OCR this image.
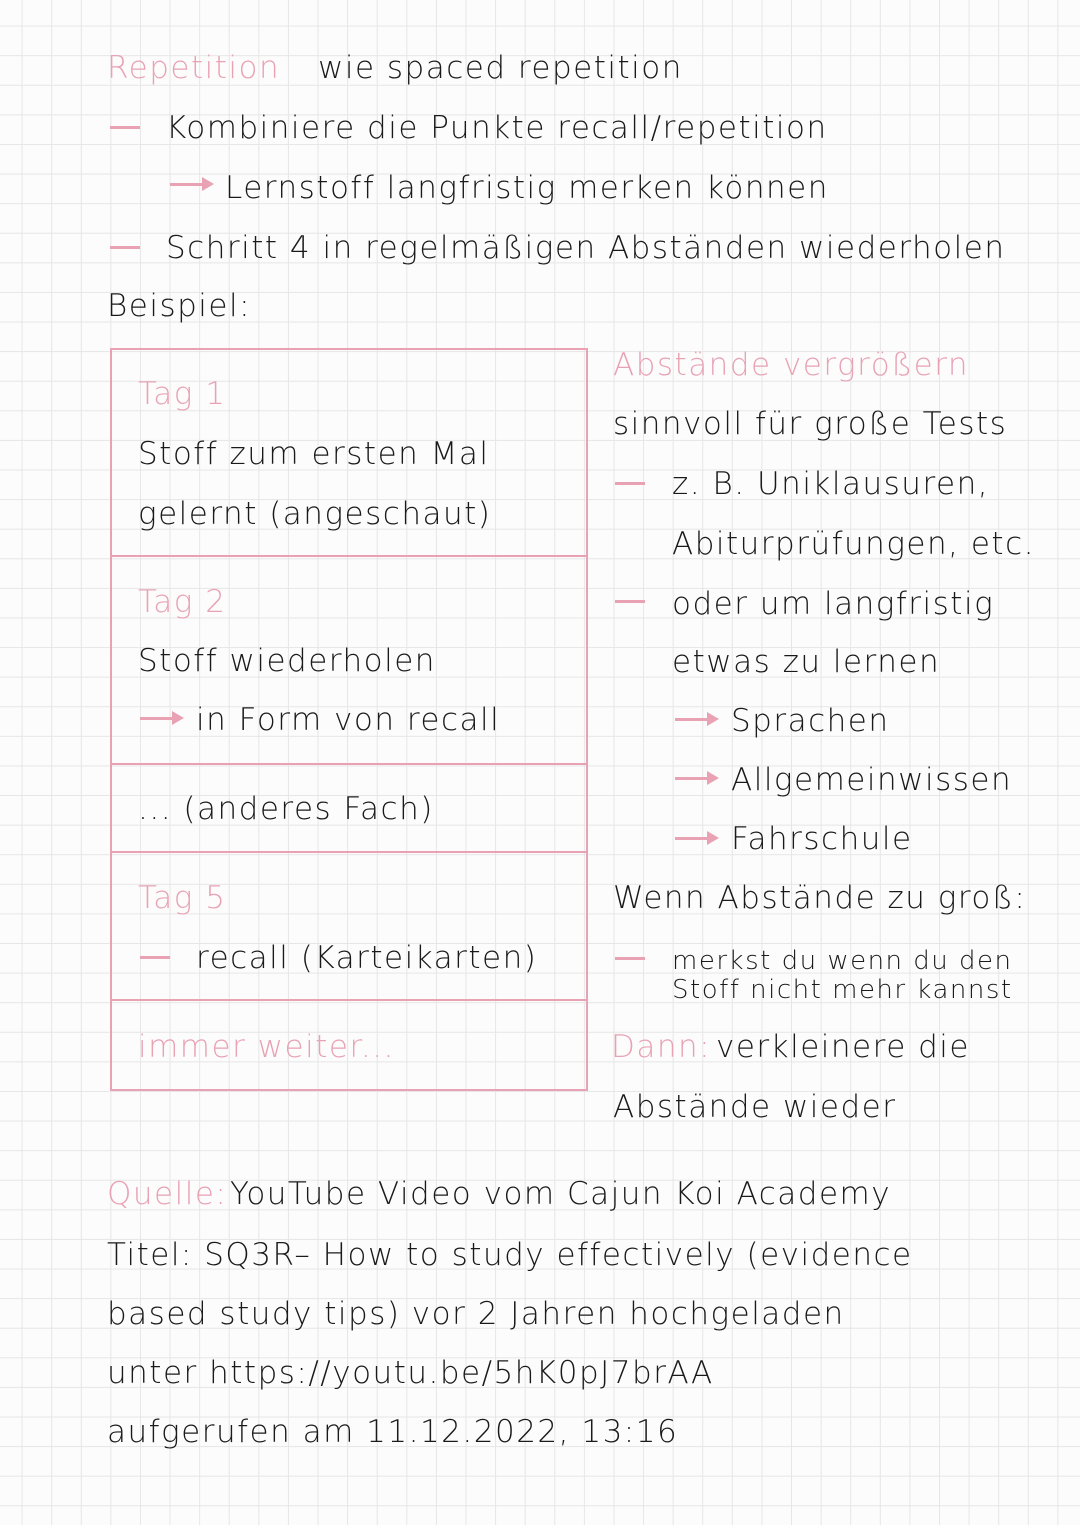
Repetition wie spaced repetition
Kombiniere die Punkte recall/repetition
Lernstoff langfristig merken können
Schritt 4 in regelmäßigen Abständen wiederholen
Beispiel:
Tag 1
Stoff zum ersten Mal
gelernt (angeschaut)
Tag 2
Stoff wiederholen
in Form von recall
... (anderes Fach)
Tag 5
recall (Karteikarten)
immer weiter...
Abstände vergrößern
sinnvoll für große Tests
z. B. Uniklausuren,
Abiturprüfungen, etc.
oder um langfristig
etwas zu lernen
Sprachen
Allgemeinwissen
Fahrschule
Wenn Abstände zu groß:
merkst du wenn du den
Stoff nicht mehr kannst
Dann: verkleinere die
Abstände wieder
Quelle: YouTube Video vom Cajun Koi Academy
Titel: SQ3R– How to study effectively (evidence
based study tips) vor 2 Jahren hochgeladen
unter https://youtu.be/5hK0pJ7brAA
aufgerufen am 11.12.2022, 13:16
